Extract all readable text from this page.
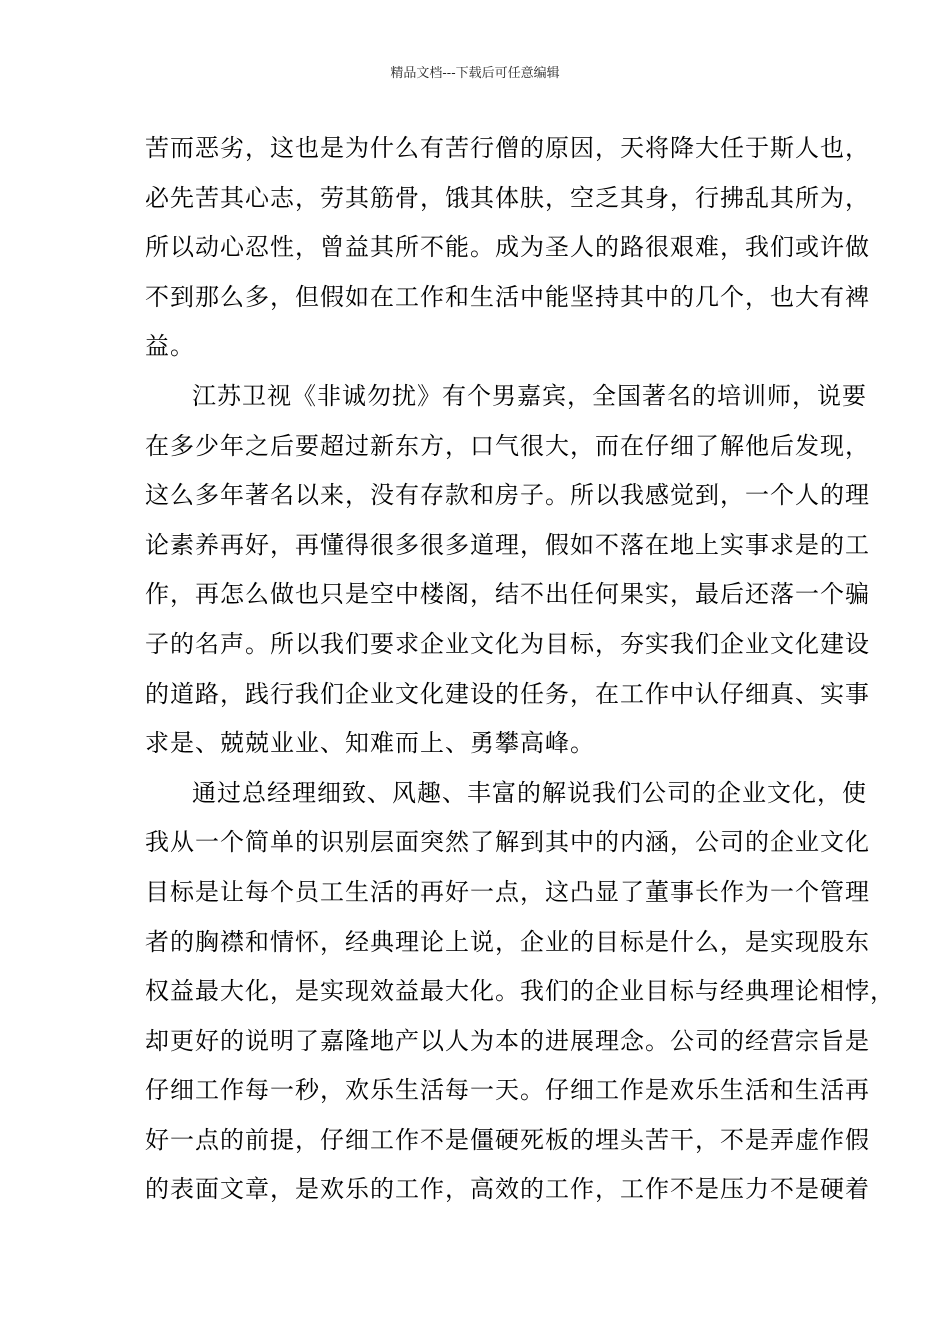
精品文档---下载后可任意编辑
苦而恶劣，这也是为什么有苦行僧的原因，天将降大任于斯人也，
必先苦其心志，劳其筋骨，饿其体肤，空乏其身，行拂乱其所为，
所以动心忍性，曾益其所不能。成为圣人的路很艰难，我们或许做
不到那么多，但假如在工作和生活中能坚持其中的几个，也大有裨
益。
江苏卫视《非诚勿扰》有个男嘉宾，全国著名的培训师，说要
在多少年之后要超过新东方，口气很大，而在仔细了解他后发现，
这么多年著名以来，没有存款和房子。所以我感觉到，一个人的理
论素养再好，再懂得很多很多道理，假如不落在地上实事求是的工
作，再怎么做也只是空中楼阁，结不出任何果实，最后还落一个骗
子的名声。所以我们要求企业文化为目标，夯实我们企业文化建设
的道路，践行我们企业文化建设的任务，在工作中认仔细真、实事
求是、兢兢业业、知难而上、勇攀高峰。
通过总经理细致、风趣、丰富的解说我们公司的企业文化，使
我从一个简单的识别层面突然了解到其中的内涵，公司的企业文化
目标是让每个员工生活的再好一点，这凸显了董事长作为一个管理
者的胸襟和情怀，经典理论上说，企业的目标是什么，是实现股东
权益最大化，是实现效益最大化。我们的企业目标与经典理论相悖，
却更好的说明了嘉隆地产以人为本的进展理念。公司的经营宗旨是
仔细工作每一秒，欢乐生活每一天。仔细工作是欢乐生活和生活再
好一点的前提，仔细工作不是僵硬死板的埋头苦干，不是弄虚作假
的表面文章，是欢乐的工作，高效的工作，工作不是压力不是硬着
